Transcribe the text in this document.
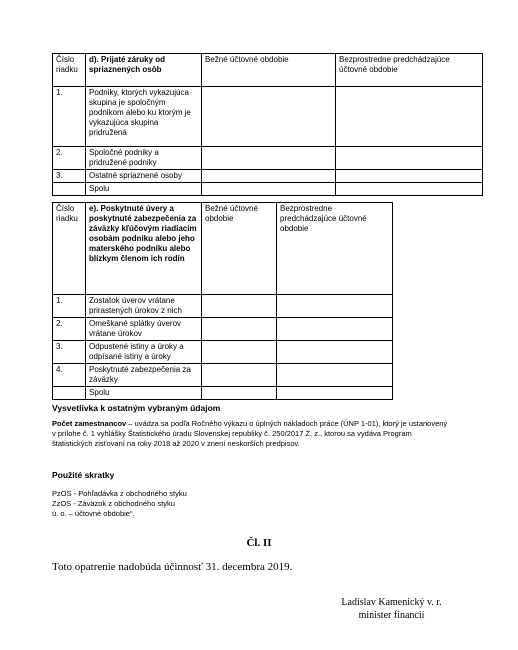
Číslo riadku	d). Prijaté záruky od spriaznených osôb	Bežné účtovné obdobie	Bezprostredne predchádzajúce účtovné obdobie
1.	Podniky, ktorých vykazujúca skupina je spoločným podnikom alebo ku ktorým je vykazujúca skupina pridružená		
2.	Spoločné podniky a pridružené podniky		
3.	Ostatné spriaznené osoby		
	Spolu		
Číslo riadku	e). Poskytnuté úvery a poskytnuté zabezpečenia za záväzky kľúčovým riadiacim osobám podniku alebo jeho materského podniku alebo blízkym členom ich rodín	Bežné účtovné obdobie	Bezprostredne predchádzajúce účtovné obdobie
1.	Zostatok úverov vrátane prirastených úrokov z nich		
2.	Omeškané splátky úverov vrátane úrokov		
3.	Odpustené istiny a úroky a odpísané istiny a úroky		
4.	Poskytnuté zabezpečenia za záväzky		
	Spolu		
Vysvetlivka k ostatným vybraným údajom
Počet zamestnancov – uvádza sa podľa Ročného výkazu o úplných nákladoch práce (ÚNP 1-01), ktorý je ustanovený v prílohe č. 1 vyhlášky Štatistického úradu Slovenskej republiky č. 250/2017 Z. z., ktorou sa vydáva Program štatistických zisťovaní na roky 2018 až 2020 v znení neskorších predpisov.
Použité skratky
PzOS - Pohľadávka z obchodného styku
ZzOS - Záväzok z obchodného styku
ú. o. – účtovné obdobie“.
Čl. II
Toto opatrenie nadobúda účinnosť 31. decembra 2019.
Ladislav Kamenický v. r.
minister financií
